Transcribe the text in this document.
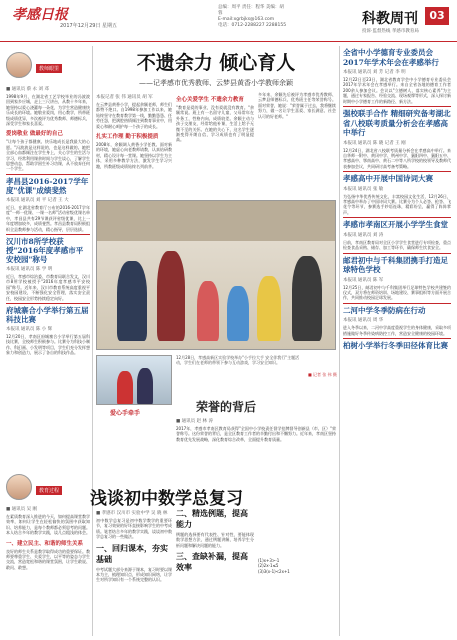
孝感日报
2017年12月29日 星期五
总编：周平 责任：程华 美编：胡 蓉
E-mail:xgrbjks@163.com
电话：0712-2288227 2288155	科教周刊	03
投诉·监督热线 孝感市教育局
教师眼里
■ 通讯员 蔡 永 刘 邓
1998年9月，在湖北省工艺学校毕业的冯波波回到家乡应城，走上三尺讲台，从教十多年来，她坚持以爱心浇灌每一朵花，为学生营造健康快乐成长的环境。她敬业爱岗，用心教学，所带班级成绩优异，多次被评为优秀教师、师德标兵，深受学生和家长喜爱。
爱岗敬业 做最好的自己
"让每个孩子都健康、快乐地成长是我最大的心愿。"冯波波是这样说的，也是这样做的。她把全部心血都倾注在学生身上，关心学生的生活与学习，经常利用课余时间与学生谈心，了解学生思想动态，帮助学困生补习功课，从不放弃任何一个学生。
孝昌县2016-2017学年度"优课"成绩斐然
本报讯 通讯员 刘 平 记者 王 大
近日，在湖北省教育厅公布的2016-2017学年度"一师一优课、一课一名师"活动省级优课名单中，孝昌县共有29节课获评省级优课，比上一年度增加较多，成绩斐然。孝昌县教育局积极组织全县教师参与活动，精心指导，层层选拔。
汉川市8所学校获授"2016年度孝感市平安校园"称号
本报讯 通讯员 陈 学 明
近日，孝感市综治委、市教育局联合发文，汉川市8所学校被授予"2016年度孝感市平安校园"称号。近年来，汉川市教育系统高度重视平安校园建设，不断强化安全管理，落实安全责任，校园安全形势持续稳定向好。
府城寨合小学举行第五届科技比赛
本报讯 通讯员 陈 小 辉
12月20日，孝南区府城寨合小学举行第五届科技比赛，全校师生积极参与。比赛分为科技小制作、科幻画、小发明等项目，学生们充分发挥想象力和创造力，展示了各自的科技作品。
教育过程
■ 通讯员 吴 刚
在素质教育深入推进的今天，如何提高课堂教学效率，如何让学生在轻松愉快的氛围中获取知识、培养能力，是每个教师都必须思考的问题。本人结合多年的教学实践，谈几点粗浅的体会。
一、建立民主、和谐的师生关系
良好的师生关系是教学取得成功的重要保证。教师要尊重学生、关爱学生，以平等的姿态与学生交流，营造宽松和谐的课堂氛围，让学生敢说、敢问、敢想。
不遗余力 倾心育人
——记孝感市优秀教师、云梦县黄香小学教师余颖
本报记者 张 伟 通讯员 胡 军
在云梦县黄香小学，提起余颖老师，师生们都赞不绝口。自1998年参加工作以来，她始终坚守在教育教学第一线，勤勤恳恳、任劳任怨，把满腔热情倾注到教育事业中，用爱心和耐心呵护每一个孩子的成长。
扎实工作理 勤于积极提质
2008年，余颖调入黄香小学任教。面对新的环境，她虚心向老教师请教，认真钻研教材，精心设计每一堂课。她坚持以学生为主体，采用多种教学方法，激发学生学习兴趣，所教班级成绩始终名列前茅。
全心关爱学生 不遗余力教育
"教育是爱的事业，没有爱就没有教育。"余颖常说。班上有一名留守儿童，父母常年在外务工，性格内向、成绩较差。余颖主动与孩子交朋友，经常给他补课，生活上给予无微不至的关怀。在她的关心下，这名学生逐渐变得开朗自信，学习成绩也有了明显提高。
多年来，余颖先后被评为孝感市优秀教师、云梦县师德标兵、优秀班主任等荣誉称号。面对荣誉，她说："荣誉属于过去，我将继续努力，做一名让学生喜爱、家长满意、社会认可的好老师。"
爱心手牵手
12月28日，孝感高新区实验学校举办"小手拉大手 安全伴我行"主题活动，学生们在老师的带领下参与互动游戏，学习安全知识。
■ 记者 张 伟 摄
荣誉的背后
■ 通讯员 赵 林 涛
2017年，孝感市孝南区教育局获得"全国中小学校责任督学挂牌督导创新县（市、区）"荣誉称号。这份荣誉的背后，是全区教育工作者的辛勤付出和不懈努力。近年来，孝南区坚持教育优先发展战略，深化教育综合改革，全面提升教育质量。
浅谈初中数学总复习
■ 孝感市 汉川市 实验中学 吴 晓 林
初中数学总复习是初中数学教学的重要环节，复习效果的好坏直接影响学生的中考成绩。笔者结合多年的教学实践，谈谈初中数学总复习的一些做法。
一、回归课本，夯实基础
中考试题大部分来源于课本，复习时要以课本为主，梳理知识点，形成知识网络，让学生对所学知识有一个系统完整的认识。
二、精选例题，提高能力
例题的选择要有代表性、针对性，要能体现数学思想方法，通过例题讲解，培养学生分析问题和解决问题的能力。
三、查缺补漏，提高效率
(1)x+3>-1
(2)2x-1≤5
(3)3(x-1)<2x+1
全省中小学德育专业委员会2017年学术年会在孝感举行
本报讯 通讯员 刘 芳 记者 李 明
12月22日至23日，湖北省教育学会中小学德育专业委员会2017年学术年会在孝感举行。来自全省各地的德育工作者200余人参加会议。会议以"立德树人，落实核心素养"为主题，通过专家报告、经验交流、现场观摩等形式，深入探讨新时期中小学德育工作的新路径、新方法。
强校联手合作 精细研究备考湖北省八校联考质量分析会在孝感高中举行
本报讯 通讯员 陈 晓 记者 王 刚
12月24日，湖北省八校联考质量分析会在孝感高中举行。来自华师一附中、黄冈中学、荆州中学、襄阳四中、襄阳五中、孝感高中、鄂南高中、黄石二中等八所学校的校领导及教师代表参加会议，共同研讨高考备考策略。
孝感高中开展中国诗词大赛
本报讯 通讯员 张 敏
为弘扬中华优秀传统文化，丰富校园文化生活，12月26日，孝感高中举办了中国诗词大赛。比赛分为个人必答、抢答、飞花令等环节，参赛选手妙语连珠，精彩纷呈，赢得了阵阵掌声。
孝感市孝南区开展小学学生食堂
本报讯 通讯员 刘 涛
日前，孝南区教育局对全区小学学生食堂进行专项检查，重点检查食品采购、储存、加工等环节，确保师生饮食安全。
邮君初中与千科集团携手打造足球特色学校
本报讯 通讯员 陈 军
12月25日，邮君初中与千科集团举行足球特色学校共建签约仪式，双方将在师资培训、场地建设、赛事组织等方面开展合作，共同推动校园足球发展。
二河中学冬季防病在行动
本报讯 通讯员 周 华
进入冬季以来，二河中学高度重视学生的身体健康，采取多项措施做好冬季传染病防控工作，营造安全健康的校园环境。
柏树小学举行冬季田径体育比赛
